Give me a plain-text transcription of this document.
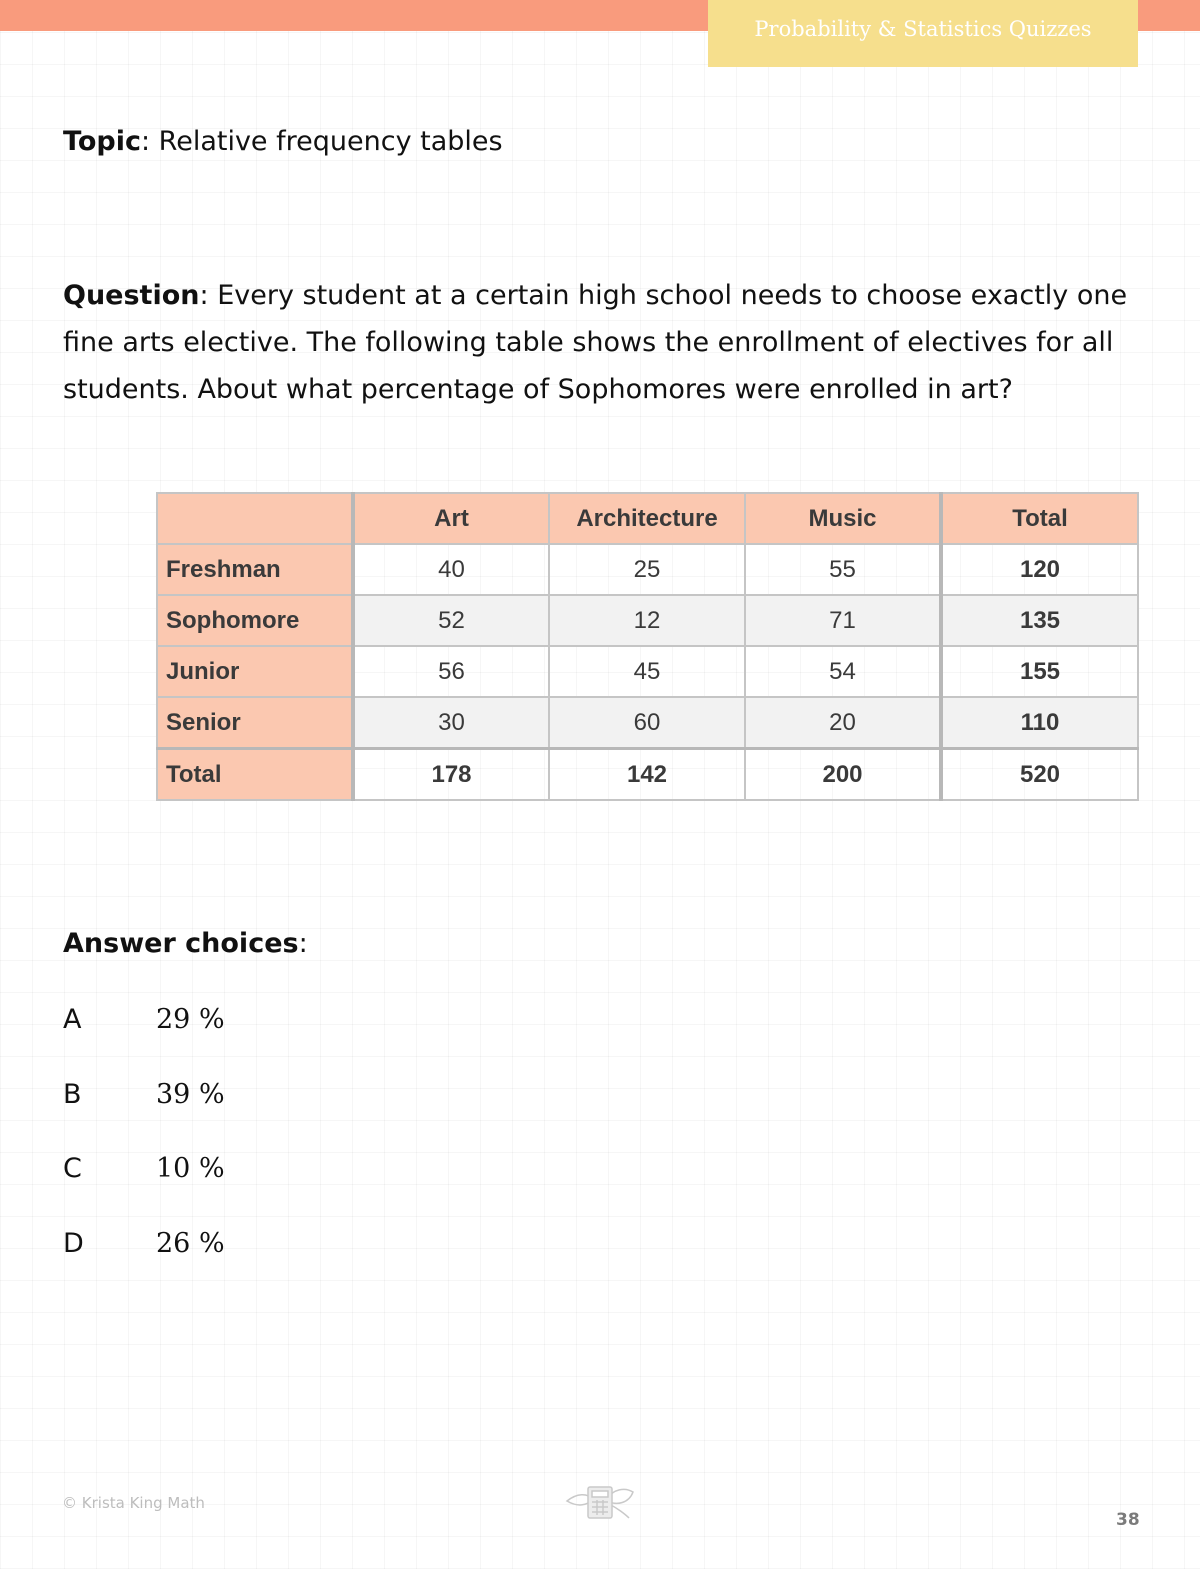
Probability & Statistics Quizzes
Topic: Relative frequency tables
Question: Every student at a certain high school needs to choose exactly one fine arts elective. The following table shows the enrollment of electives for all students. About what percentage of Sophomores were enrolled in art?
	Art	Architecture	Music	Total
Freshman	40	25	55	120
Sophomore	52	12	71	135
Junior	56	45	54	155
Senior	30	60	20	110
Total	178	142	200	520
Answer choices:
A	29 %
B	39 %
C	10 %
D	26 %
© Krista King Math
38
